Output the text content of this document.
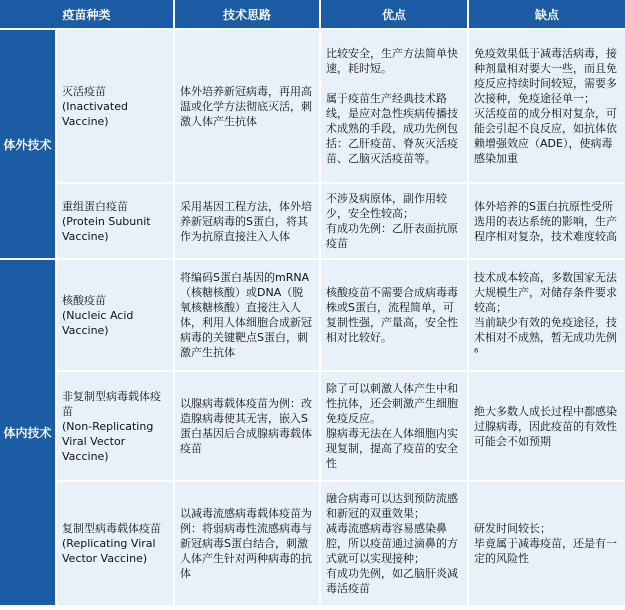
疫苗种类		技术思路	优点	缺点
体外技术	灭活疫苗
(Inactivated
Vaccine)	体外培养新冠病毒，再用高温或化学方法彻底灭活，刺激人体产生抗体	比较安全，生产方法简单快速，耗时短。

属于疫苗生产经典技术路线，是应对急性疾病传播技术成熟的手段，成功先例包括：乙肝疫苗、脊灰灭活疫苗、乙脑灭活疫苗等。	免疫效果低于减毒活病毒，接种剂量相对要大一些，而且免疫反应持续时间较短，需要多次接种，免疫途径单一；
灭活疫苗的成分相对复杂，可能会引起不良反应，如抗体依赖增强效应（ADE），使病毒感染加重
	重组蛋白疫苗
(Protein Subunit
Vaccine)	采用基因工程方法，体外培养新冠病毒的S蛋白，将其作为抗原直接注入人体	不涉及病原体，副作用较少，安全性较高；
有成功先例：乙肝表面抗原疫苗	体外培养的S蛋白抗原性受所选用的表达系统的影响，生产程序相对复杂，技术难度较高
体内技术	核酸疫苗
(Nucleic Acid
Vaccine)	将编码S蛋白基因的mRNA（核糖核酸）或DNA（脱氧核糖核酸）直接注入人体，利用人体细胞合成新冠病毒的关键靶点S蛋白，刺激产生抗体	核酸疫苗不需要合成病毒毒株或S蛋白，流程简单，可复制性强，产量高，安全性相对比较好。	技术成本较高，多数国家无法大规模生产，对储存条件要求较高；
当前缺少有效的免疫途径，技术相对不成熟，暂无成功先例⁶
	非复制型病毒载体疫苗
(Non-Replicating
Viral Vector
Vaccine)	以腺病毒载体疫苗为例：改造腺病毒使其无害，嵌入S蛋白基因后合成腺病毒载体疫苗	除了可以刺激人体产生中和性抗体，还会刺激产生细胞免疫反应。
腺病毒无法在人体细胞内实现复制，提高了疫苗的安全性	绝大多数人成长过程中都感染过腺病毒，因此疫苗的有效性可能会不如预期
	复制型病毒载体疫苗
(Replicating Viral
Vector Vaccine)	以减毒流感病毒载体疫苗为例：将弱病毒性流感病毒与新冠病毒S蛋白结合，刺激人体产生针对两种病毒的抗体	融合病毒可以达到预防流感和新冠的双重效果；
减毒流感病毒容易感染鼻腔，所以疫苗通过滴鼻的方式就可以实现接种；
有成功先例，如乙脑肝炎减毒活疫苗	研发时间较长；
毕竟属于减毒疫苗，还是有一定的风险性
